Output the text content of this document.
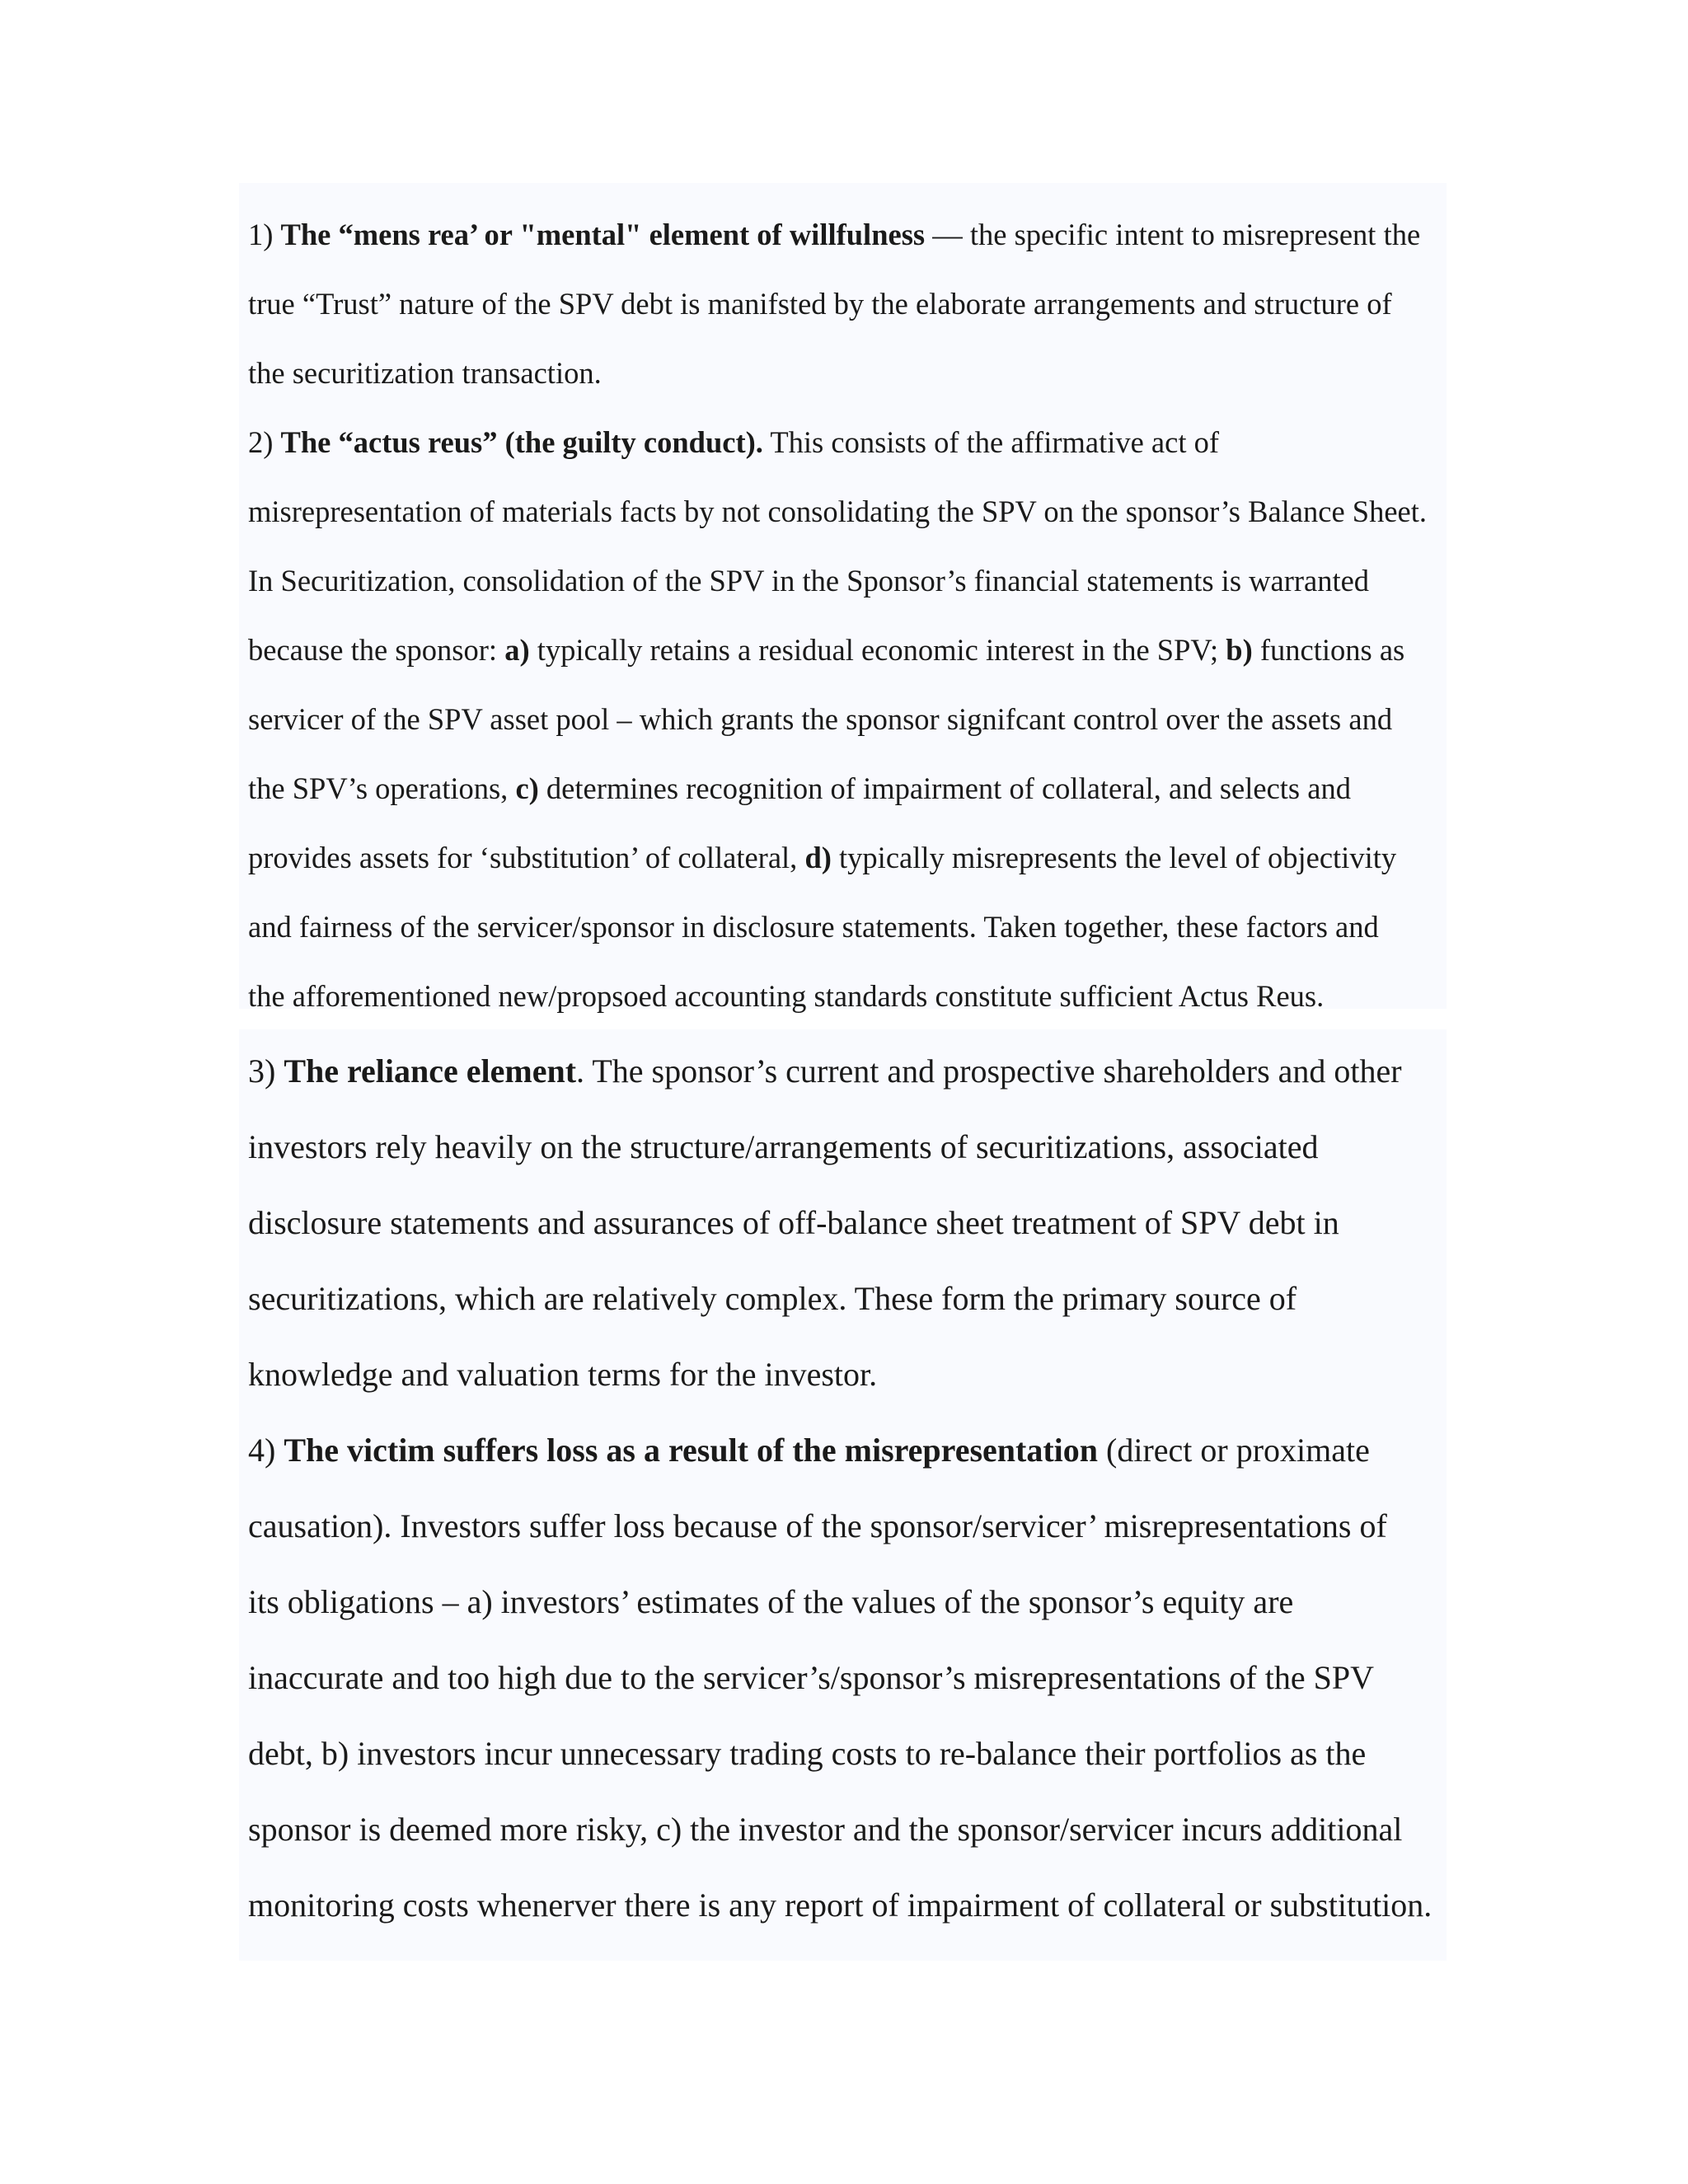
1) The “mens rea’ or "mental" element of willfulness — the specific intent to misrepresent the
true “Trust” nature of the SPV debt is manifsted by the elaborate arrangements and structure of
the securitization transaction.
2) The “actus reus” (the guilty conduct). This consists of the affirmative act of
misrepresentation of materials facts by not consolidating the SPV on the sponsor’s Balance Sheet.
In Securitization, consolidation of the SPV in the Sponsor’s financial statements is warranted
because the sponsor: a) typically retains a residual economic interest in the SPV; b) functions as
servicer of the SPV asset pool – which grants the sponsor signifcant control over the assets and
the SPV’s operations, c) determines recognition of impairment of collateral, and selects and
provides assets for ‘substitution’ of collateral, d) typically misrepresents the level of objectivity
and fairness of the servicer/sponsor in disclosure statements. Taken together, these factors and
the afforementioned new/propsoed accounting standards constitute sufficient Actus Reus.
3) The reliance element. The sponsor’s current and prospective shareholders and other
investors rely heavily on the structure/arrangements of securitizations, associated
disclosure statements and assurances of off-balance sheet treatment of SPV debt in
securitizations, which are relatively complex. These form the primary source of
knowledge and valuation terms for the investor.
4) The victim suffers loss as a result of the misrepresentation (direct or proximate
causation). Investors suffer loss because of the sponsor/servicer’ misrepresentations of
its obligations – a) investors’ estimates of the values of the sponsor’s equity are
inaccurate and too high due to the servicer’s/sponsor’s misrepresentations of the SPV
debt, b) investors incur unnecessary trading costs to re-balance their portfolios as the
sponsor is deemed more risky, c) the investor and the sponsor/servicer incurs additional
monitoring costs whenerver there is any report of impairment of collateral or substitution.
